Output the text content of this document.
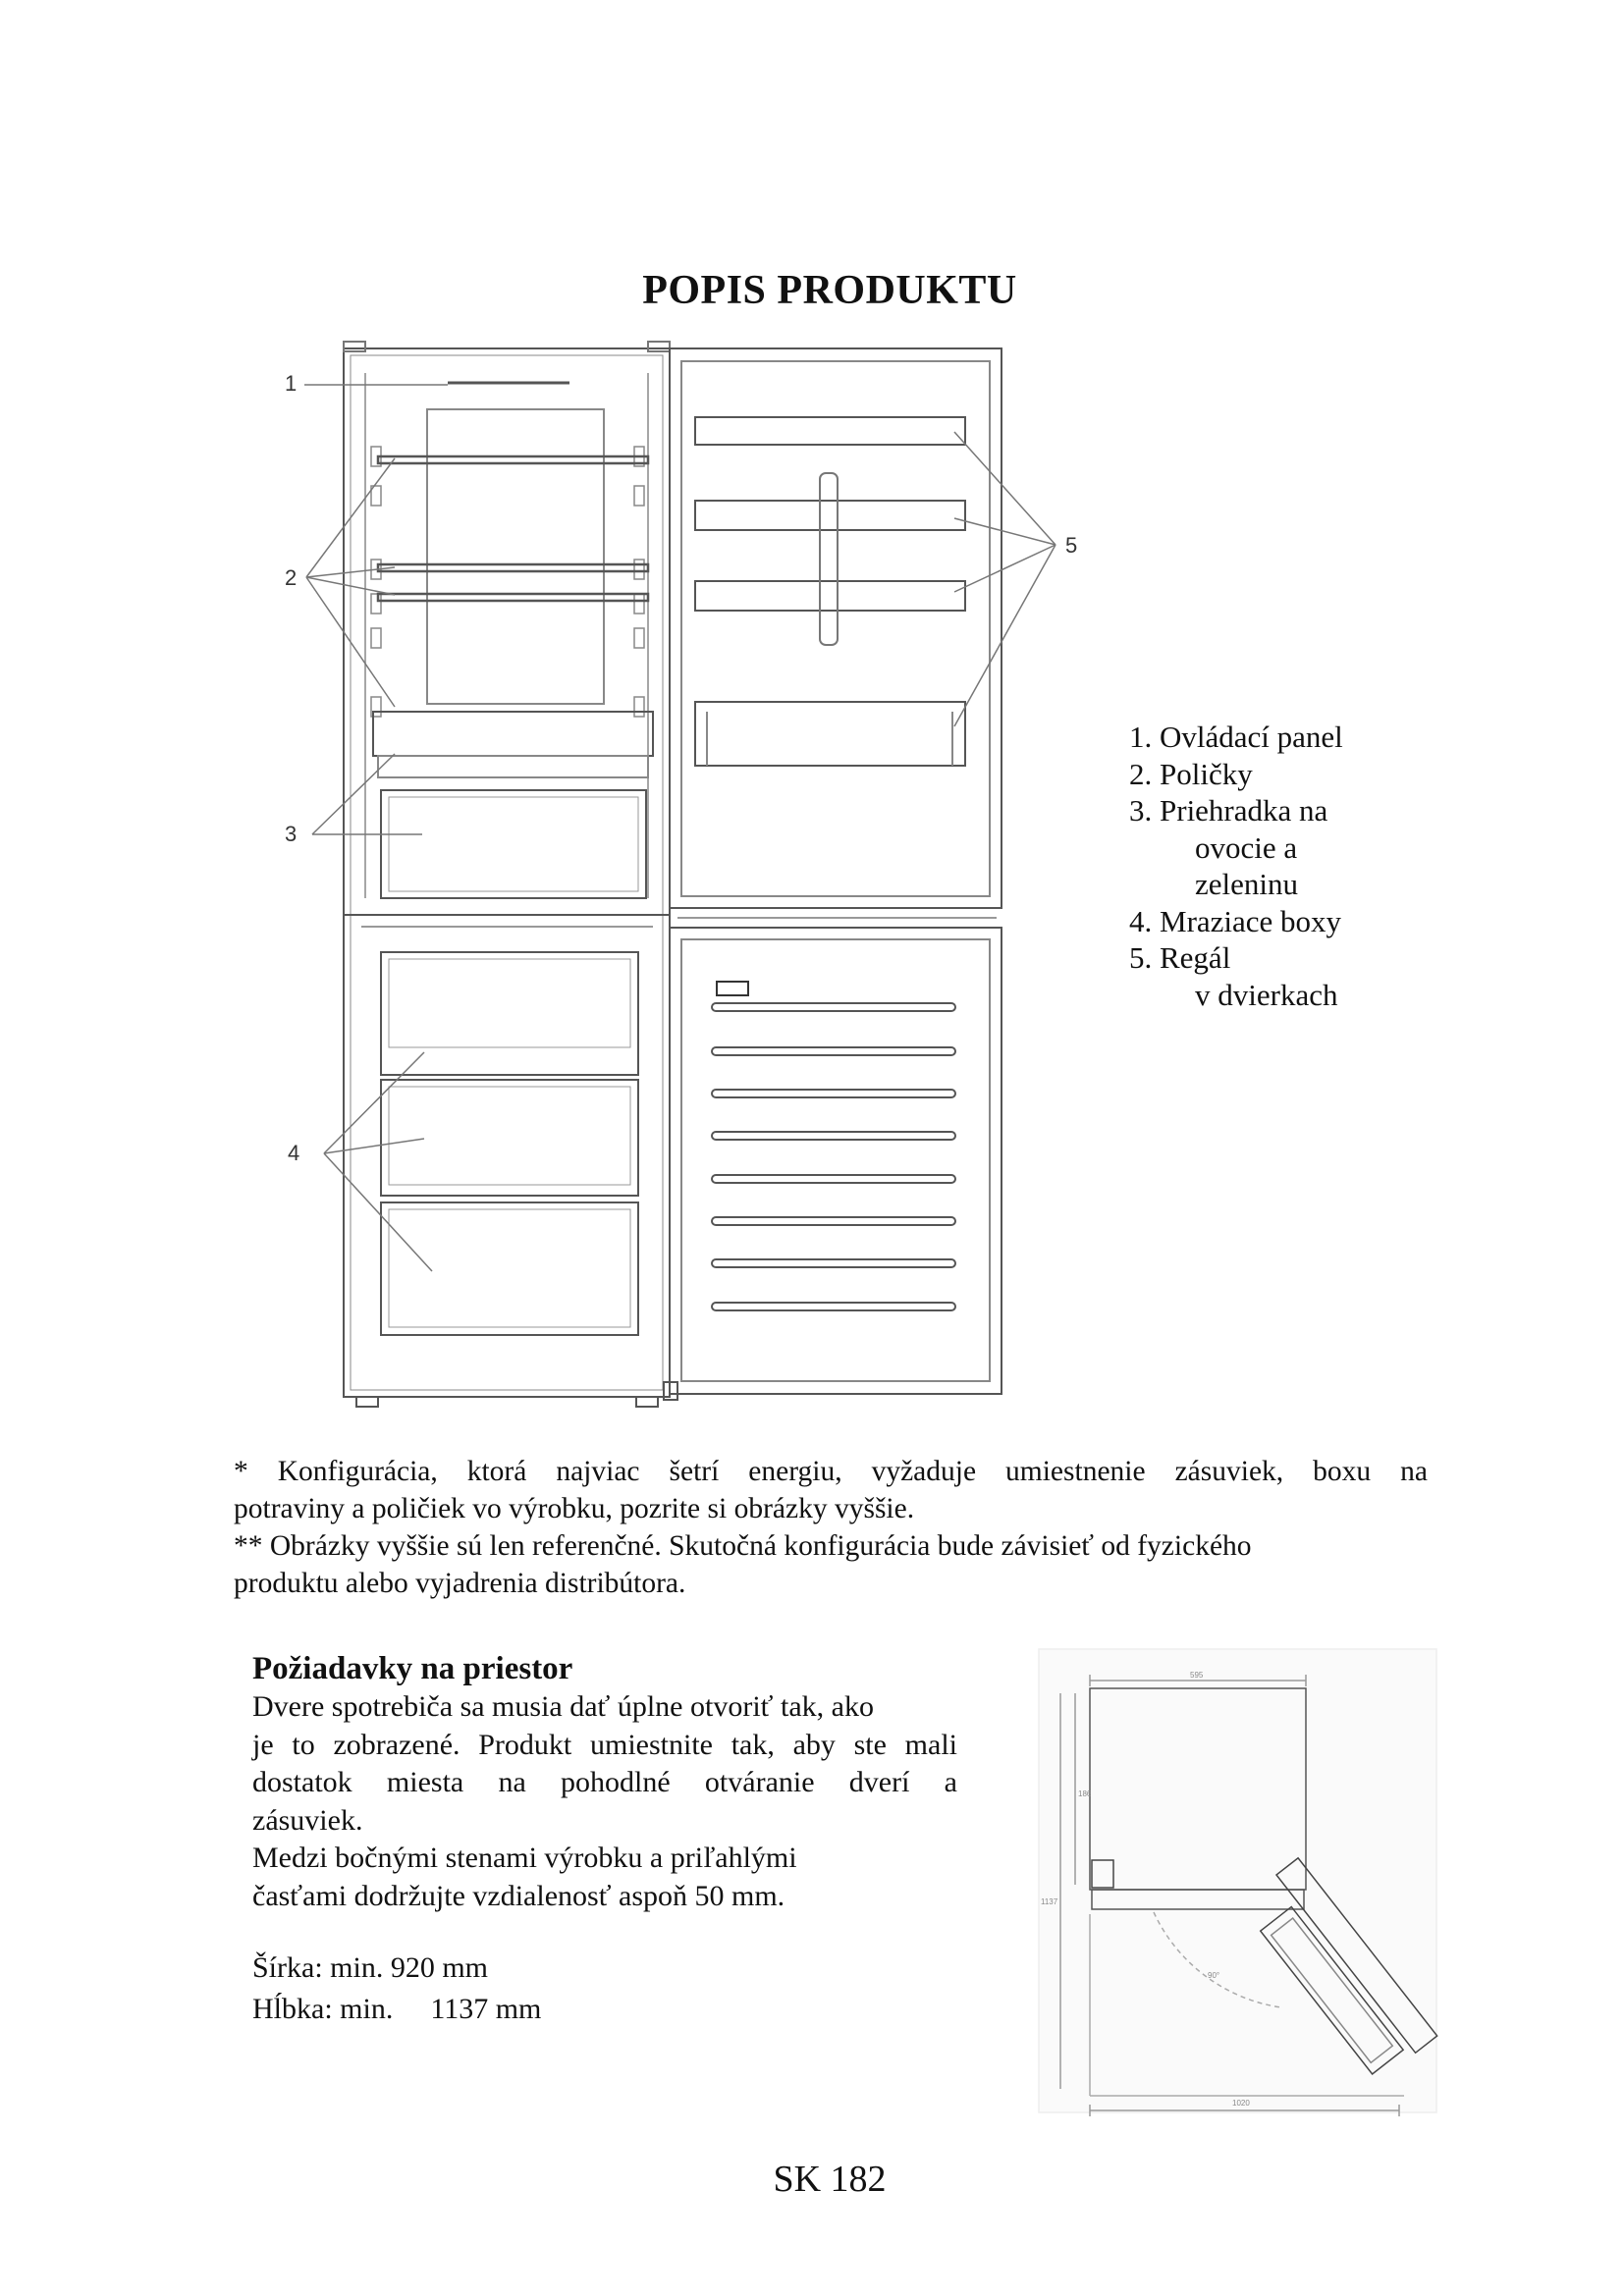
POPIS PRODUKTU
1
2
3
4
5
1. Ovládací panel
2. Poličky
3. Priehradka na
ovocie a
zeleninu
4. Mraziace boxy
5. Regál
v dvierkach

* Konfigurácia, ktorá najviac šetrí energiu, vyžaduje umiestnenie zásuviek, boxu na

potraviny a poličiek vo výrobku, pozrite si obrázky vyššie.

** Obrázky vyššie sú len referenčné. Skutočná konfigurácia bude závisieť od fyzického

produktu alebo vyjadrenia distribútora.

Požiadavky na priestor

Dvere spotrebiča sa musia dať úplne otvoriť tak, ako

je to zobrazené. Produkt umiestnite tak, aby ste mali

dostatok miesta na pohodlné otváranie dverí a

zásuviek.

Medzi bočnými stenami výrobku a priľahlými

časťami dodržujte vzdialenosť aspoň 50 mm.

Šírka: min. 920 mm
Hĺbka: min. 1137 mm
595
186
1137
90°
1020
SK 182
